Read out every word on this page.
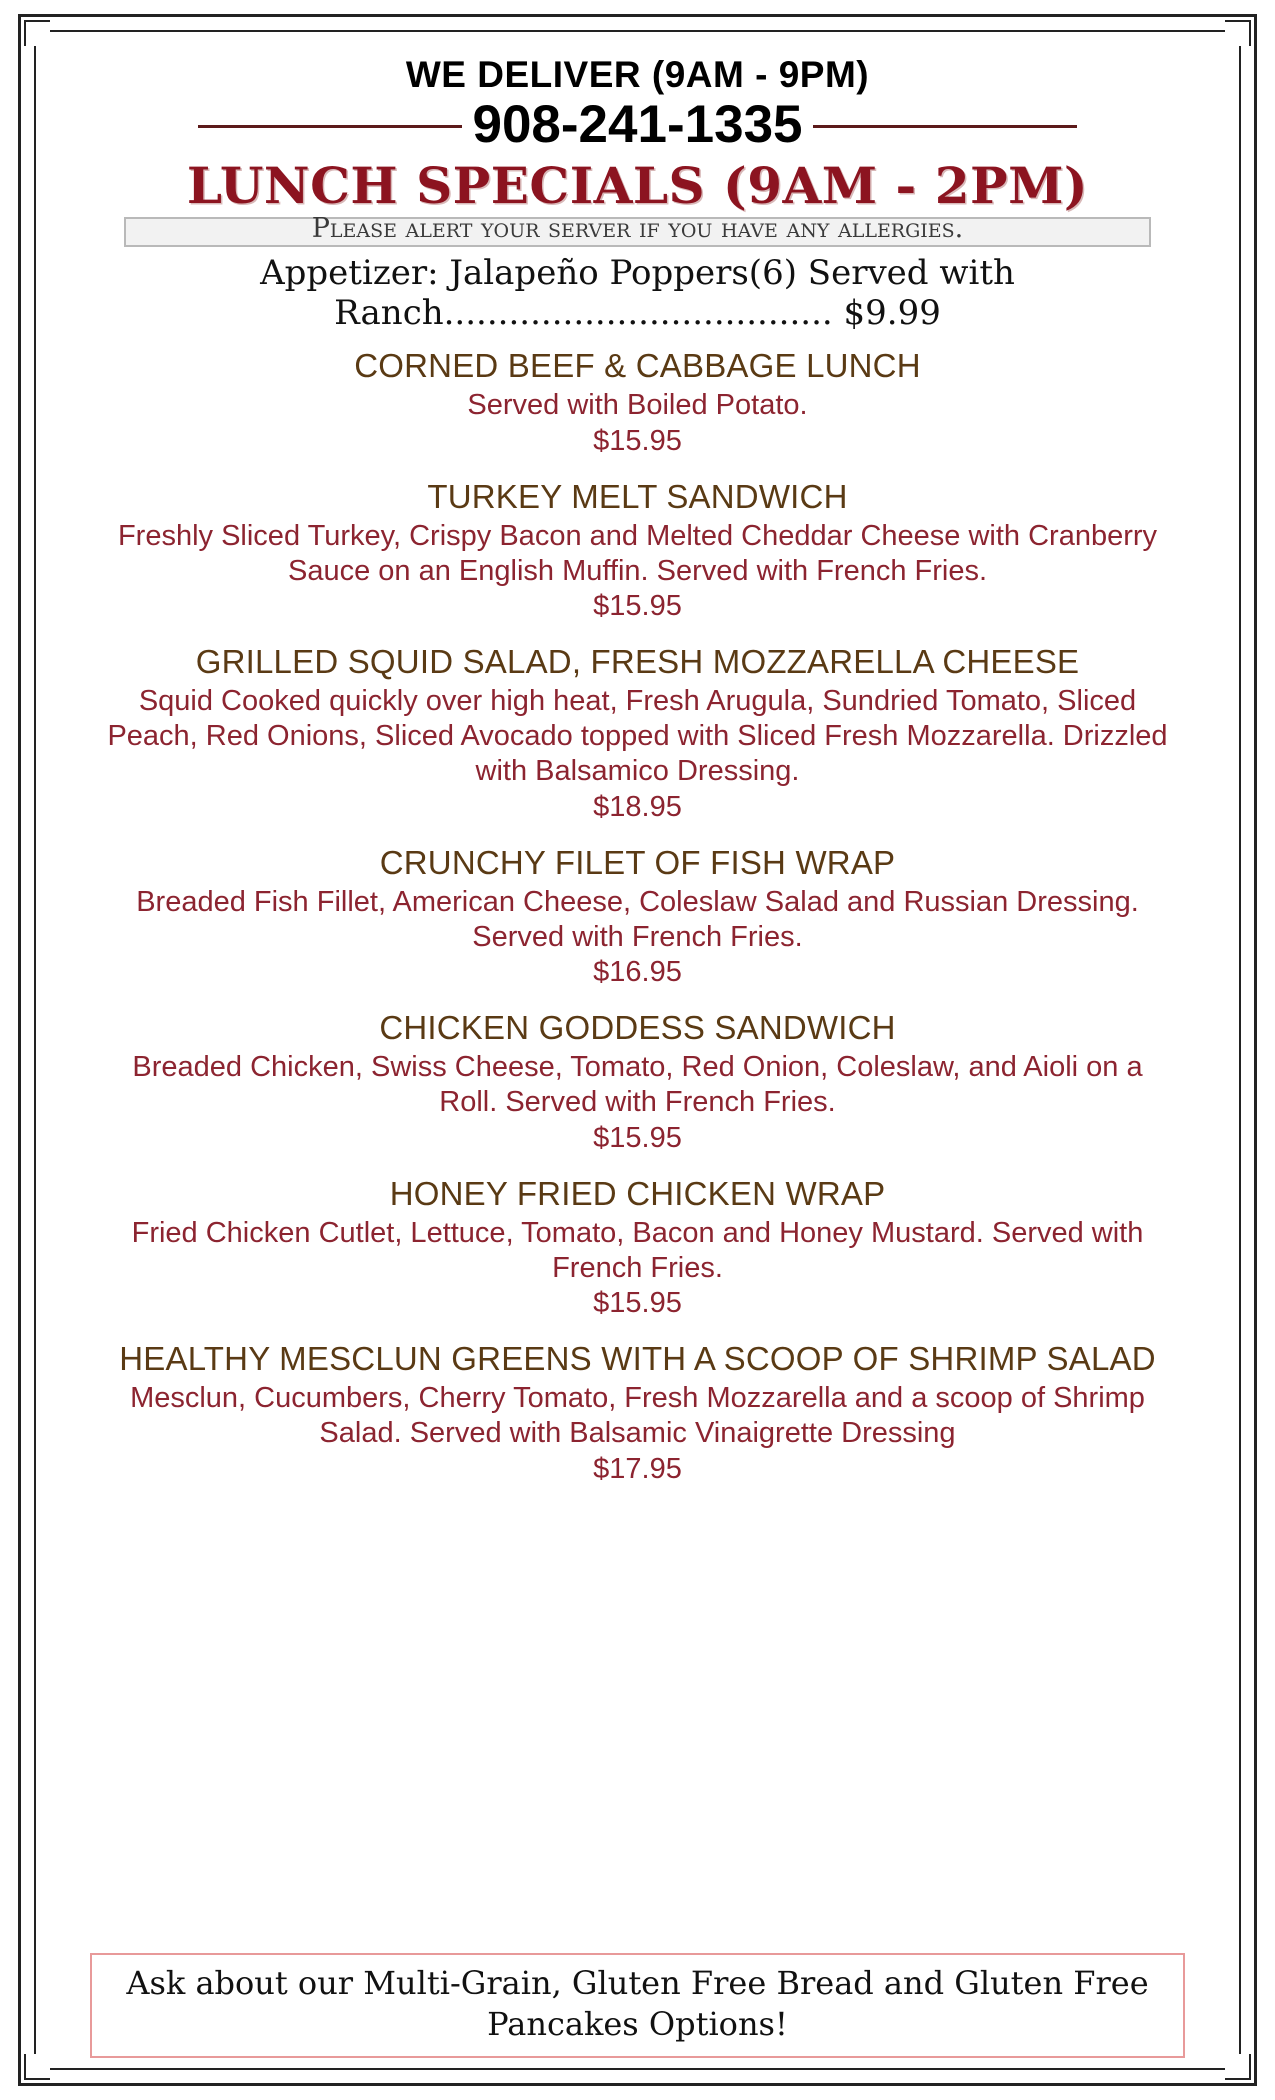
WE DELIVER (9AM - 9PM)
908-241-1335
LUNCH SPECIALS (9AM - 2PM)
Please alert your server if you have any allergies.
Appetizer: Jalapeño Poppers(6) Served with Ranch.................................... $9.99
CORNED BEEF & CABBAGE LUNCH
Served with Boiled Potato.
$15.95
TURKEY MELT SANDWICH
Freshly Sliced Turkey, Crispy Bacon and Melted Cheddar Cheese with Cranberry Sauce on an English Muffin. Served with French Fries.
$15.95
GRILLED SQUID SALAD, FRESH MOZZARELLA CHEESE
Squid Cooked quickly over high heat, Fresh Arugula, Sundried Tomato, Sliced Peach, Red Onions, Sliced Avocado topped with Sliced Fresh Mozzarella. Drizzled with Balsamico Dressing.
$18.95
CRUNCHY FILET OF FISH WRAP
Breaded Fish Fillet, American Cheese, Coleslaw Salad and Russian Dressing. Served with French Fries.
$16.95
CHICKEN GODDESS SANDWICH
Breaded Chicken, Swiss Cheese, Tomato, Red Onion, Coleslaw, and Aioli on a Roll. Served with French Fries.
$15.95
HONEY FRIED CHICKEN WRAP
Fried Chicken Cutlet, Lettuce, Tomato, Bacon and Honey Mustard. Served with French Fries.
$15.95
HEALTHY MESCLUN GREENS WITH A SCOOP OF SHRIMP SALAD
Mesclun, Cucumbers, Cherry Tomato, Fresh Mozzarella and a scoop of Shrimp Salad. Served with Balsamic Vinaigrette Dressing
$17.95
Ask about our Multi-Grain, Gluten Free Bread and Gluten Free Pancakes Options!
